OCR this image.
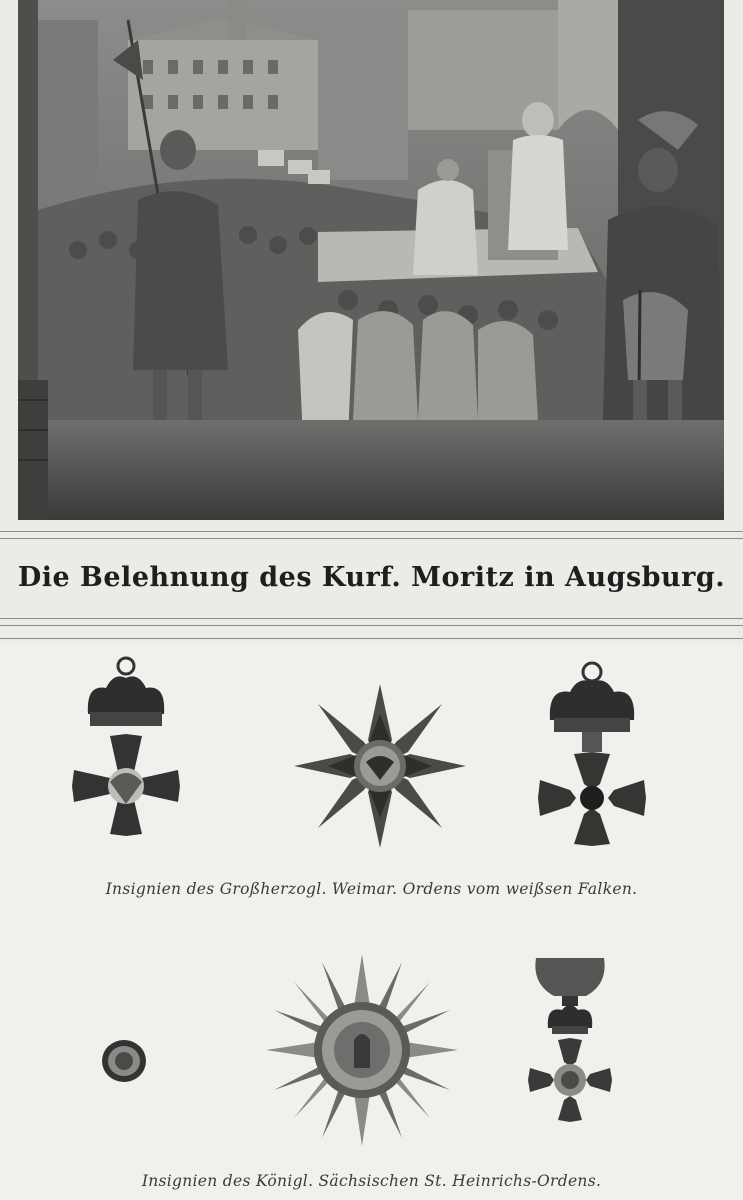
Die Belehnung des Kurf. Moritz in Augsburg.
Insignien des Großherzogl. Weimar. Ordens vom weißsen Falken.
Insignien des Königl. Sächsischen St. Heinrichs-Ordens.
